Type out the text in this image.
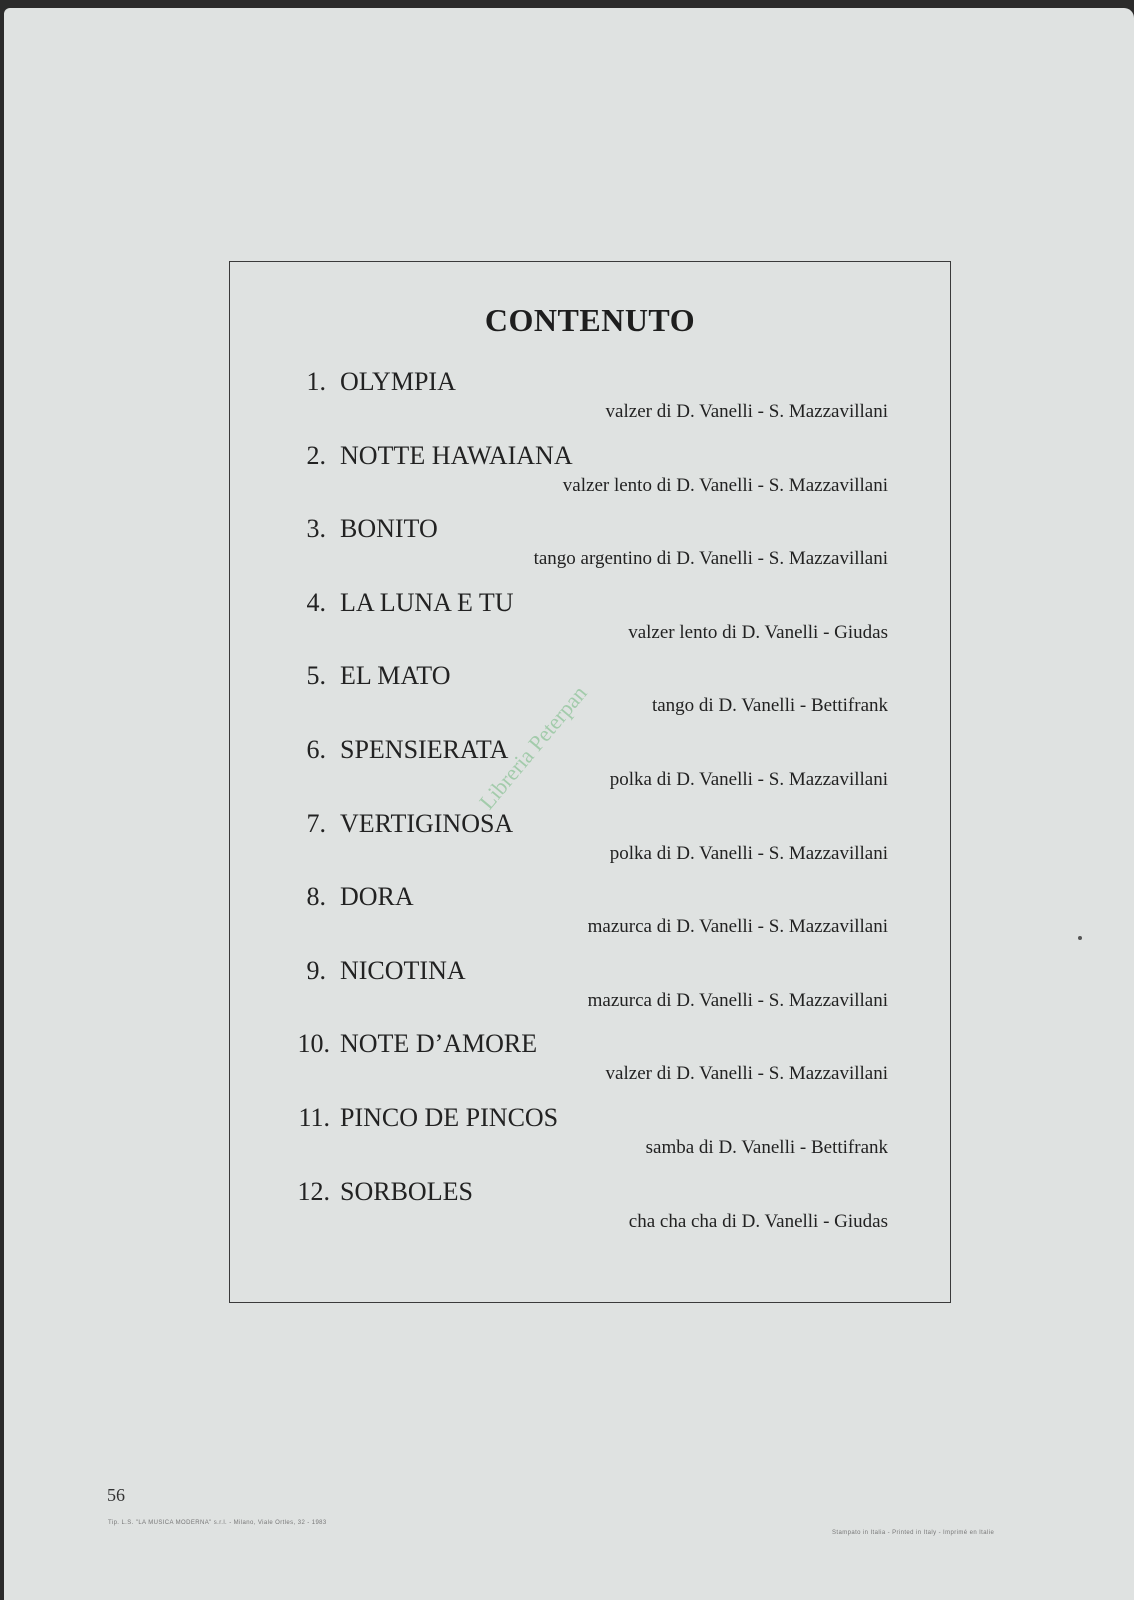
CONTENUTO
1. OLYMPIA
valzer di D. Vanelli - S. Mazzavillani
2. NOTTE HAWAIANA
valzer lento di D. Vanelli - S. Mazzavillani
3. BONITO
tango argentino di D. Vanelli - S. Mazzavillani
4. LA LUNA E TU
valzer lento di D. Vanelli - Giudas
5. EL MATO
tango di D. Vanelli - Bettifrank
6. SPENSIERATA
polka di D. Vanelli - S. Mazzavillani
7. VERTIGINOSA
polka di D. Vanelli - S. Mazzavillani
8. DORA
mazurca di D. Vanelli - S. Mazzavillani
9. NICOTINA
mazurca di D. Vanelli - S. Mazzavillani
10. NOTE D’AMORE
valzer di D. Vanelli - S. Mazzavillani
11. PINCO DE PINCOS
samba di D. Vanelli - Bettifrank
12. SORBOLES
cha cha cha di D. Vanelli - Giudas
Libreria Peterpan
56
Tip. L.S. "LA MUSICA MODERNA" s.r.l. - Milano, Viale Ortles, 32 - 1983
Stampato in Italia - Printed in Italy - Imprimé en Italie
